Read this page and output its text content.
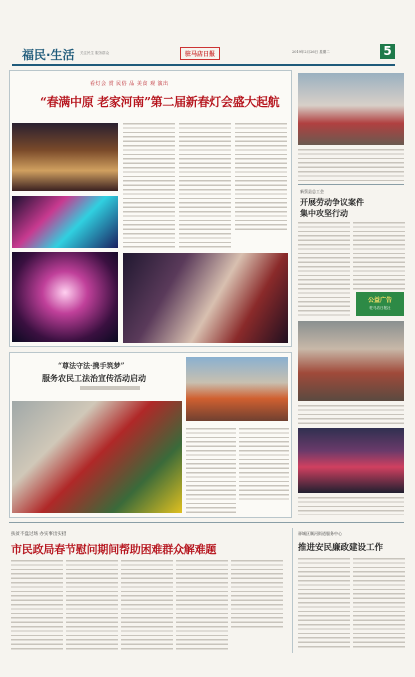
福民·生活 关注民生 服务群众	驻马店日报	2019年2月26日 星期二	5
看灯会 赏 民俗 品 美食 观 演出
“春满中原 老家河南”第二届新春灯会盛大起航
新蔡县总工会
开展劳动争议案件
集中攻坚行动
公益广告
驻马店日报社
“尊法守法·携手筑梦”
服务农民工法治宣传活动启动
扶贫不盘过场 办实事出实招
市民政局春节慰问期间帮助困难群众解难题
驿城区顺河街道服务中心
推进安民廉政建设工作
